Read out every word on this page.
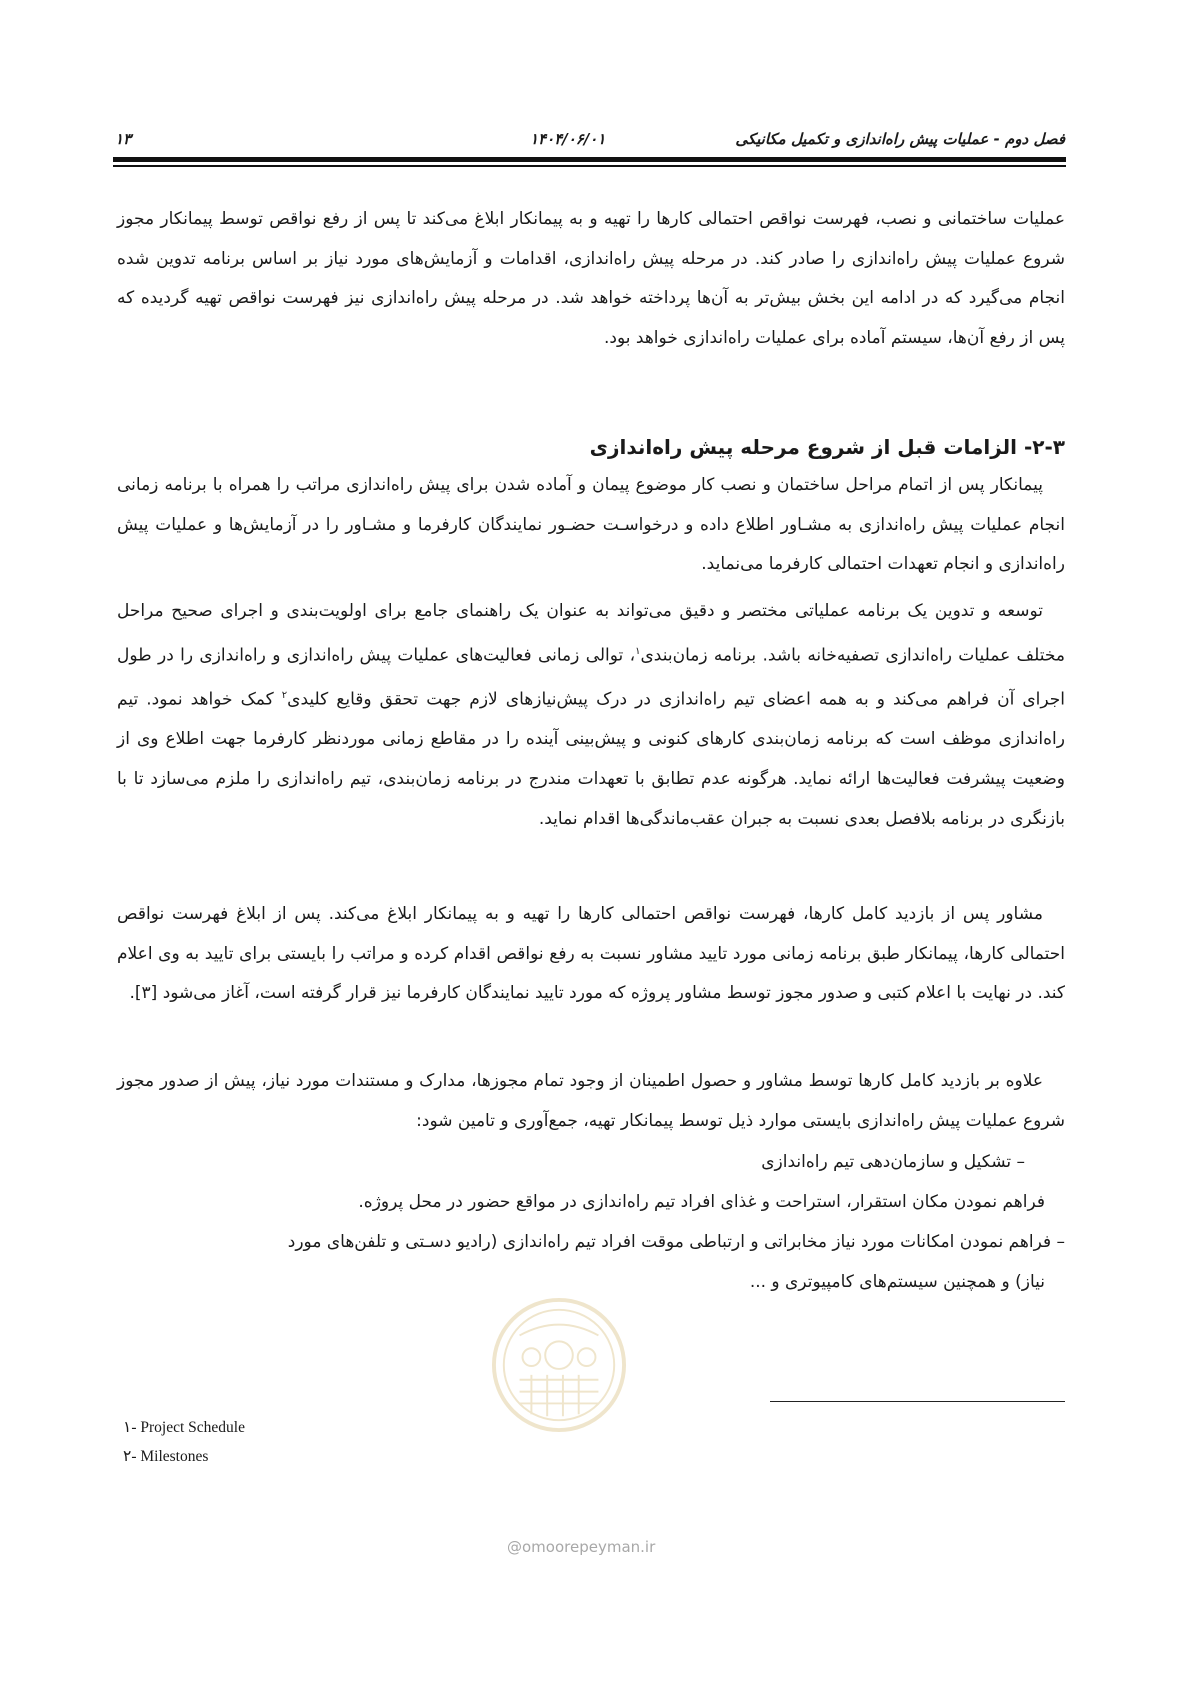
فصل دوم - عملیات پیش راه‌اندازی و تکمیل مکانیکی
۱۴۰۴/۰۶/۰۱
۱۳

عملیات ساختمانی و نصب، فهرست نواقص احتمالی کارها را تهیه و به پیمانکار ابلاغ می‌کند تا پس از رفع نواقص توسط پیمانکار مجوز شروع عملیات پیش راه‌اندازی را صادر کند. در مرحله پیش راه‌اندازی، اقدامات و آزمایش‌های مورد نیاز بر اساس برنامه تدوین شده انجام می‌گیرد که در ادامه این بخش بیش‌تر به آن‌ها پرداخته خواهد شد. در مرحله پیش راه‌اندازی نیز فهرست نواقص تهیه گردیده که پس از رفع آن‌ها، سیستم آماده برای عملیات راه‌اندازی خواهد بود.

۲-۳- الزامات قبل از شروع مرحله پیش راه‌اندازی

پیمانکار پس از اتمام مراحل ساختمان و نصب کار موضوع پیمان و آماده شدن برای پیش راه‌اندازی مراتب را همراه با برنامه زمانی انجام عملیات پیش راه‌اندازی به مشـاور اطلاع داده و درخواسـت حضـور نمایندگان کارفرما و مشـاور را در آزمایش‌ها و عملیات پیش راه‌اندازی و انجام تعهدات احتمالی کارفرما می‌نماید.

توسعه و تدوین یک برنامه عملیاتی مختصر و دقیق می‌تواند به عنوان یک راهنمای جامع برای اولویت‌بندی و اجرای صحیح مراحل مختلف عملیات راه‌اندازی تصفیه‌خانه باشد. برنامه زمان‌بندی$^۱$، توالی زمانی فعالیت‌های عملیات پیش راه‌اندازی و راه‌اندازی را در طول اجرای آن فراهم می‌کند و به همه اعضای تیم راه‌اندازی در درک پیش‌نیازهای لازم جهت تحقق وقایع کلیدی$^۲$ کمک خواهد نمود. تیم راه‌اندازی موظف است که برنامه زمان‌بندی کارهای کنونی و پیش‌بینی آینده را در مقاطع زمانی موردنظر کارفرما جهت اطلاع وی از وضعیت پیشرفت فعالیت‌ها ارائه نماید. هرگونه عدم تطابق با تعهدات مندرج در برنامه زمان‌بندی، تیم راه‌اندازی را ملزم می‌سازد تا با بازنگری در برنامه بلافصل بعدی نسبت به جبران عقب‌ماندگی‌ها اقدام نماید.

مشاور پس از بازدید کامل کارها، فهرست نواقص احتمالی کارها را تهیه و به پیمانکار ابلاغ می‌کند. پس از ابلاغ فهرست نواقص احتمالی کارها، پیمانکار طبق برنامه زمانی مورد تایید مشاور نسبت به رفع نواقص اقدام کرده و مراتب را بایستی برای تایید به وی اعلام کند. در نهایت با اعلام کتبی و صدور مجوز توسط مشاور پروژه که مورد تایید نمایندگان کارفرما نیز قرار گرفته است، آغاز می‌شود [۳].

علاوه بر بازدید کامل کارها توسط مشاور و حصول اطمینان از وجود تمام مجوزها، مدارک و مستندات مورد نیاز، پیش از صدور مجوز شروع عملیات پیش راه‌اندازی بایستی موارد ذیل توسط پیمانکار تهیه، جمع‌آوری و تامین شود:

– تشکیل و سازمان‌دهی تیم راه‌اندازی
فراهم نمودن مکان استقرار، استراحت و غذای افراد تیم راه‌اندازی در مواقع حضور در محل پروژه.
– فراهم نمودن امکانات مورد نیاز مخابراتی و ارتباطی موقت افراد تیم راه‌اندازی (رادیو دسـتی و تلفن‌های مورد
نیاز) و همچنین سیستم‌های کامپیوتری و ...
@omoorepeyman.ir
۱- Project Schedule
۲- Milestones
